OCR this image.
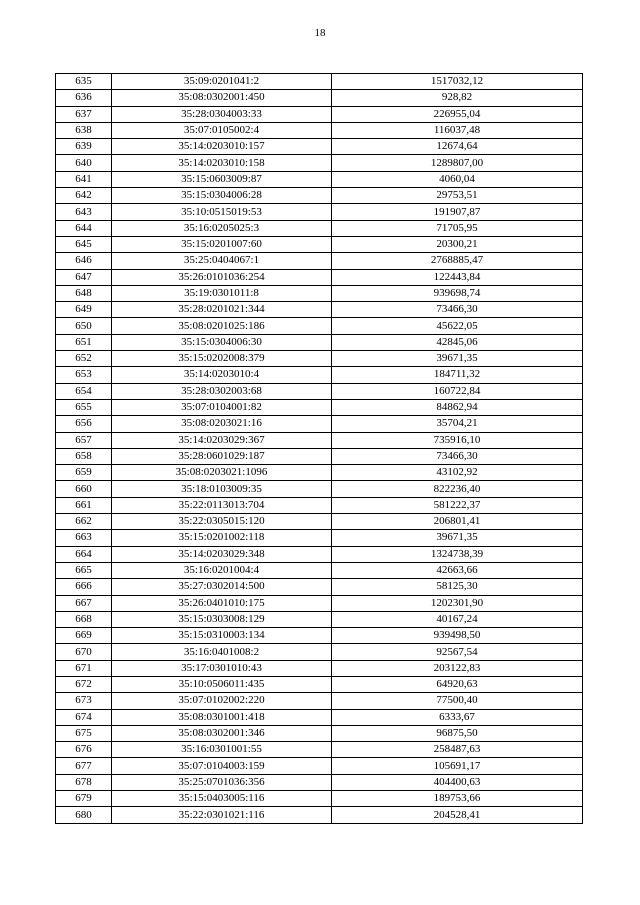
18
635	35:09:0201041:2	1517032,12
636	35:08:0302001:450	928,82
637	35:28:0304003:33	226955,04
638	35:07:0105002:4	116037,48
639	35:14:0203010:157	12674,64
640	35:14:0203010:158	1289807,00
641	35:15:0603009:87	4060,04
642	35:15:0304006:28	29753,51
643	35:10:0515019:53	191907,87
644	35:16:0205025:3	71705,95
645	35:15:0201007:60	20300,21
646	35:25:0404067:1	2768885,47
647	35:26:0101036:254	122443,84
648	35:19:0301011:8	939698,74
649	35:28:0201021:344	73466,30
650	35:08:0201025:186	45622,05
651	35:15:0304006:30	42845,06
652	35:15:0202008:379	39671,35
653	35:14:0203010:4	184711,32
654	35:28:0302003:68	160722,84
655	35:07:0104001:82	84862,94
656	35:08:0203021:16	35704,21
657	35:14:0203029:367	735916,10
658	35:28:0601029:187	73466,30
659	35:08:0203021:1096	43102,92
660	35:18:0103009:35	822236,40
661	35:22:0113013:704	581222,37
662	35:22:0305015:120	206801,41
663	35:15:0201002:118	39671,35
664	35:14:0203029:348	1324738,39
665	35:16:0201004:4	42663,66
666	35:27:0302014:500	58125,30
667	35:26:0401010:175	1202301,90
668	35:15:0303008:129	40167,24
669	35:15:0310003:134	939498,50
670	35:16:0401008:2	92567,54
671	35:17:0301010:43	203122,83
672	35:10:0506011:435	64920,63
673	35:07:0102002:220	77500,40
674	35:08:0301001:418	6333,67
675	35:08:0302001:346	96875,50
676	35:16:0301001:55	258487,63
677	35:07:0104003:159	105691,17
678	35:25:0701036:356	404400,63
679	35:15:0403005:116	189753,66
680	35:22:0301021:116	204528,41
